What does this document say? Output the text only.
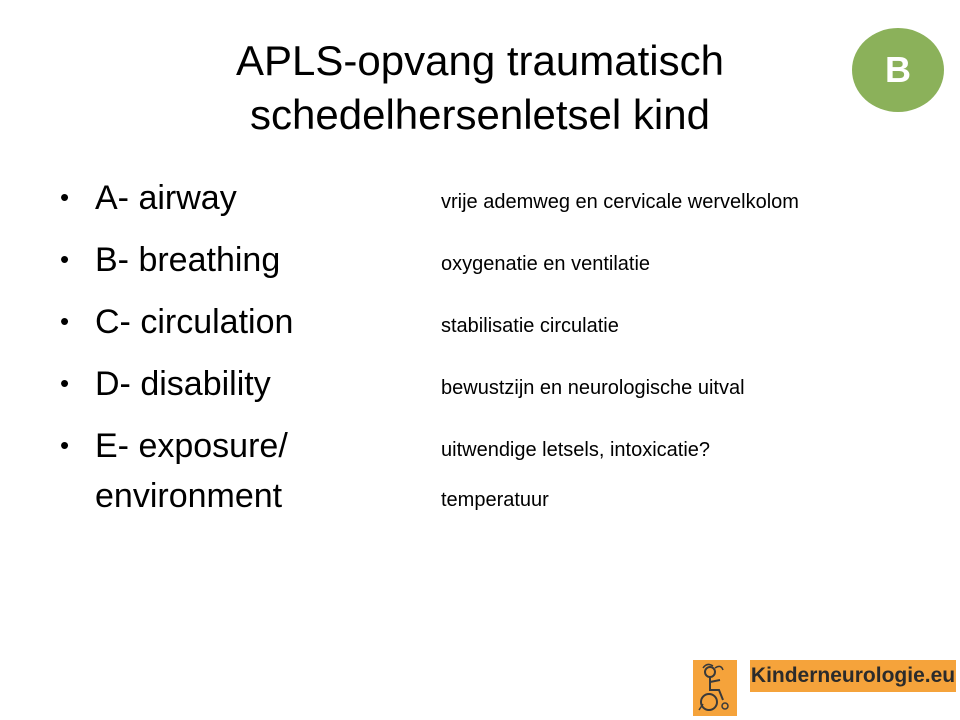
APLS-opvang traumatisch
schedelhersenletsel kind
B
• A- airway	vrije ademweg en cervicale wervelkolom
• B- breathing	oxygenatie en ventilatie
• C- circulation	stabilisatie circulatie
• D- disability	bewustzijn en neurologische uitval
• E- exposure/	uitwendige letsels, intoxicatie?
environment	temperatuur
Kinderneurologie.eu
